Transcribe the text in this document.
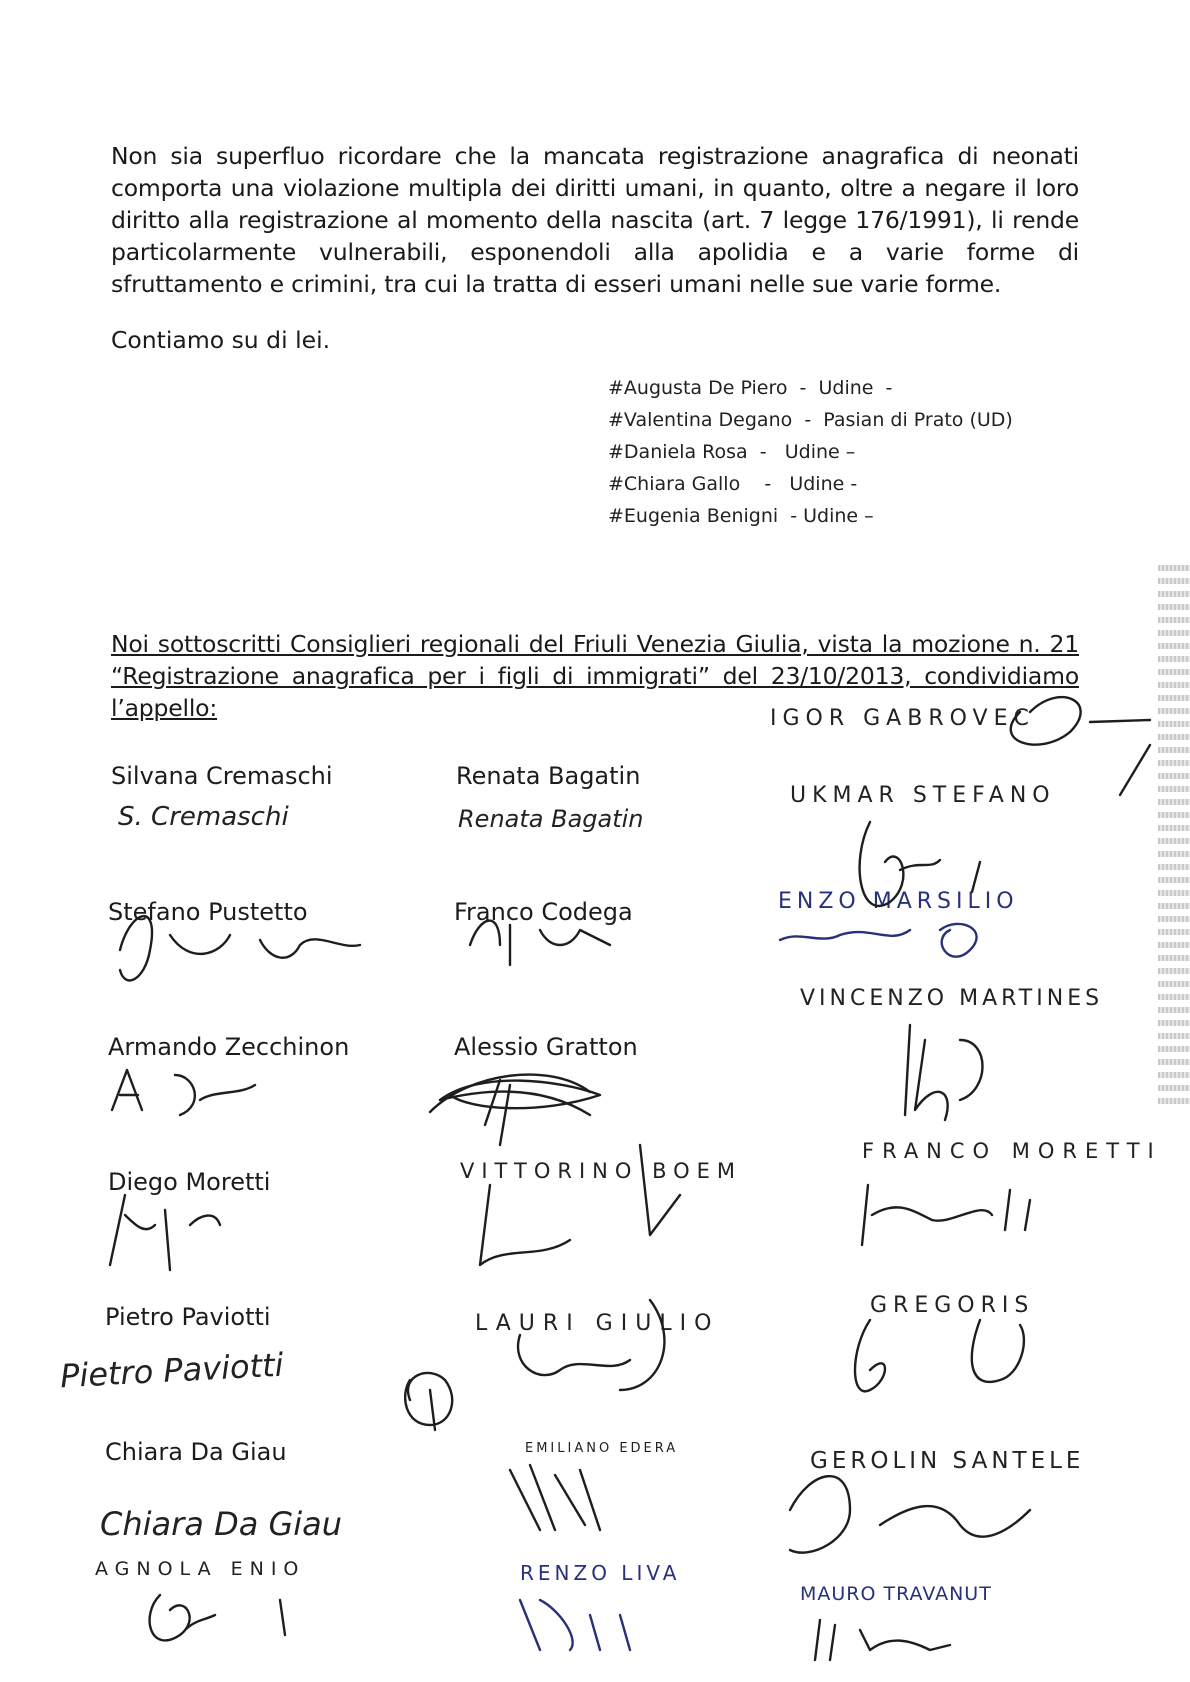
Non sia superfluo ricordare che la mancata registrazione anagrafica di neonati comporta una violazione multipla dei diritti umani, in quanto, oltre a negare il loro diritto alla registrazione al momento della nascita (art. 7 legge 176/1991), li rende particolarmente vulnerabili, esponendoli alla apolidia e a varie forme di sfruttamento e crimini, tra cui la tratta di esseri umani nelle sue varie forme.

Contiamo su di lei.

#Augusta De Piero  -  Udine  -
#Valentina Degano  -  Pasian di Prato (UD)
#Daniela Rosa  -   Udine –
#Chiara Gallo    -   Udine -
#Eugenia Benigni  - Udine –

Noi sottoscritti Consiglieri regionali del Friuli Venezia Giulia, vista la mozione n. 21 “Registrazione anagrafica per i figli di immigrati” del 23/10/2013, condividiamo l’appello:

Silvana Cremaschi
Stefano Pustetto
Armando Zecchinon
Diego Moretti
Pietro Paviotti
Chiara Da Giau
Renata Bagatin
Franco Codega
Alessio Gratton
IGOR GABROVEC
UKMAR STEFANO
ENZO MARSILIO
VINCENZO MARTINES
FRANCO MORETTI
VITTORINO BOEM
LAURI GIULIO
GREGORIS
EMILIANO EDERA	GEROLIN SANTELE
AGNOLA ENIO	RENZO LIVA
MAURO TRAVANUT
S. Cremaschi	Renata Bagatin
Pietro Paviotti
Chiara Da Giau
